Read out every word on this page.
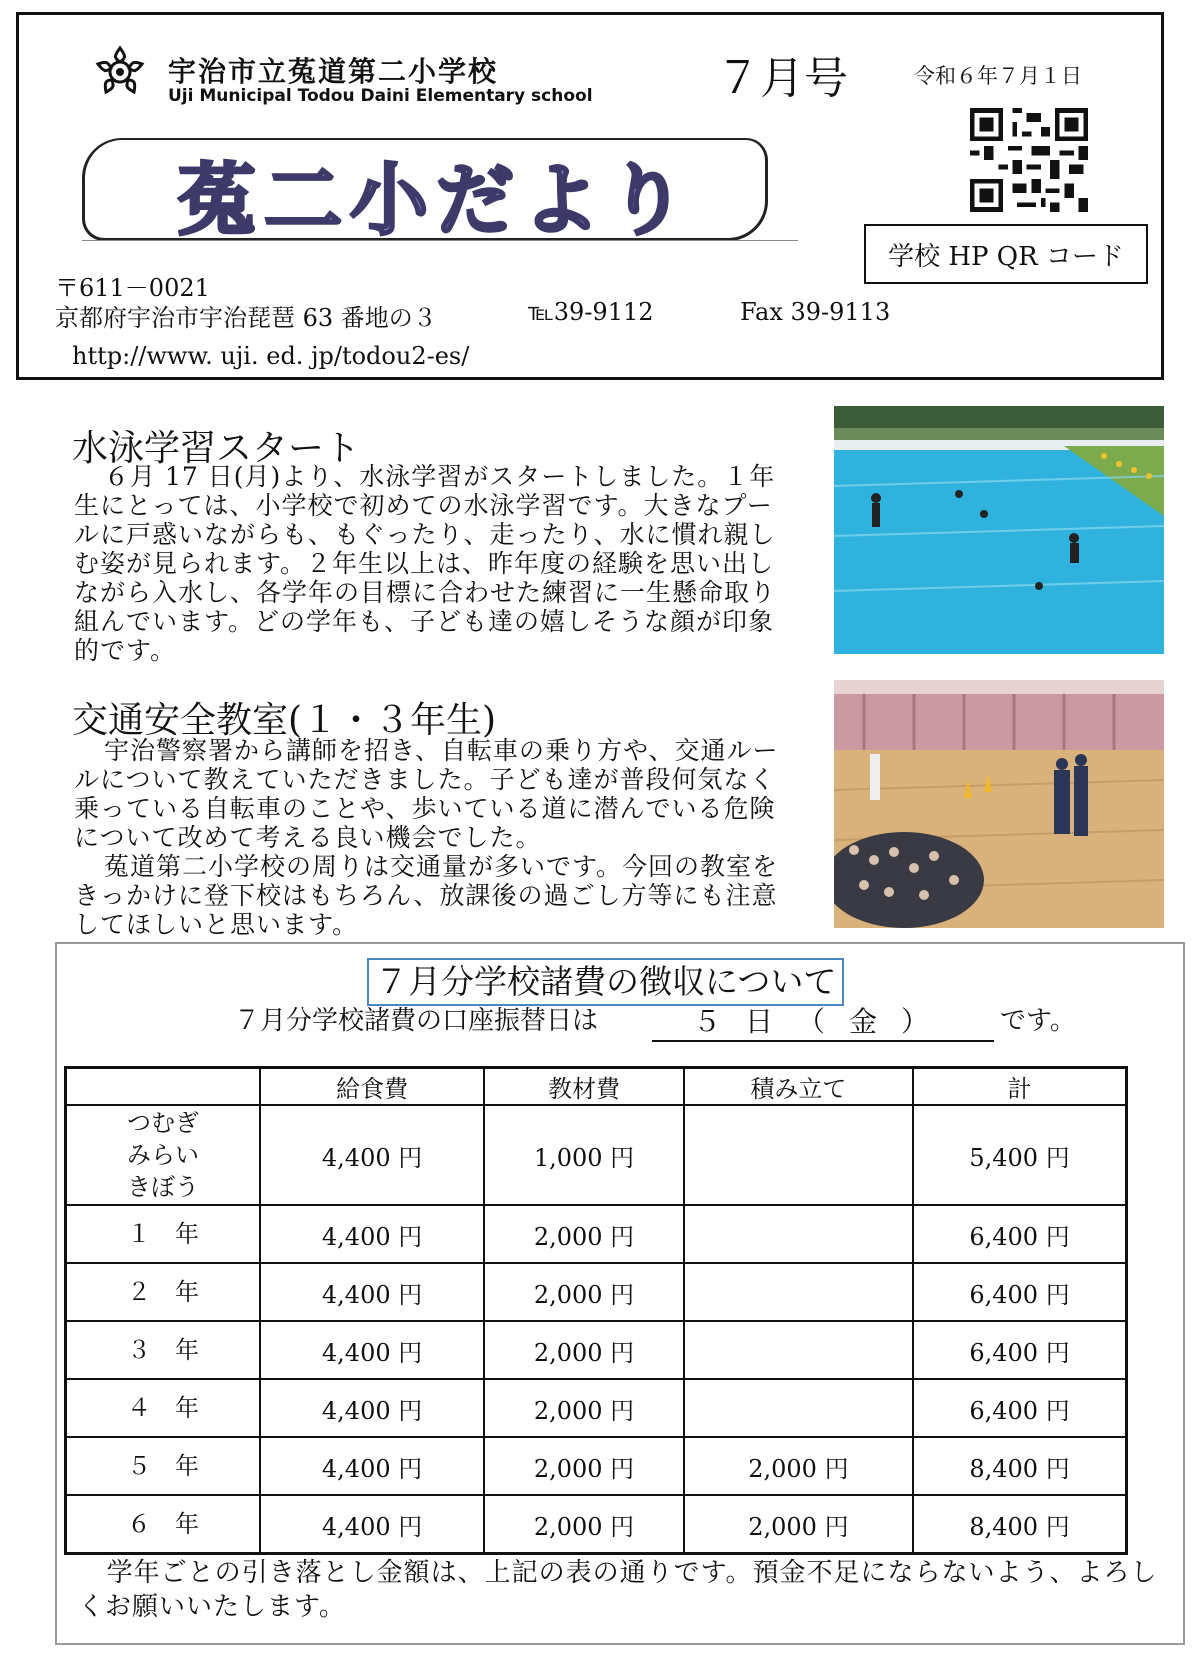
宇治市立菟道第二小学校
Uji Municipal Todou Daini Elementary school	７月号	令和６年７月１日
学校 HP QR コード
菟二小だより
〒611－0021
京都府宇治市宇治琵琶 63 番地の３	℡39-9112	Fax 39-9113
http://www. uji. ed. jp/todou2-es/
水泳学習スタート

６月 17 日(月)より、水泳学習がスタートしました。１年生にとっては、小学校で初めての水泳学習です。大きなプールに戸惑いながらも、もぐったり、走ったり、水に慣れ親しむ姿が見られます。２年生以上は、昨年度の経験を思い出しながら入水し、各学年の目標に合わせた練習に一生懸命取り組んでいます。どの学年も、子ども達の嬉しそうな顔が印象的です。

交通安全教室(１・３年生)

宇治警察署から講師を招き、自転車の乗り方や、交通ルールについて教えていただきました。子ども達が普段何気なく乗っている自転車のことや、歩いている道に潜んでいる危険について改めて考える良い機会でした。

菟道第二小学校の周りは交通量が多いです。今回の教室をきっかけに登下校はもちろん、放課後の過ごし方等にも注意してほしいと思います。

７月分学校諸費の徴収について
７月分学校諸費の口座振替日は	５日（金）	です。
	給食費	教材費	積み立て	計
つむぎ
みらい
きぼう	4,400 円	1,000 円		5,400 円
１　年	4,400 円	2,000 円		6,400 円
２　年	4,400 円	2,000 円		6,400 円
３　年	4,400 円	2,000 円		6,400 円
４　年	4,400 円	2,000 円		6,400 円
５　年	4,400 円	2,000 円	2,000 円	8,400 円
６　年	4,400 円	2,000 円	2,000 円	8,400 円

学年ごとの引き落とし金額は、上記の表の通りです。預金不足にならないよう、よろしくお願いいたします。
